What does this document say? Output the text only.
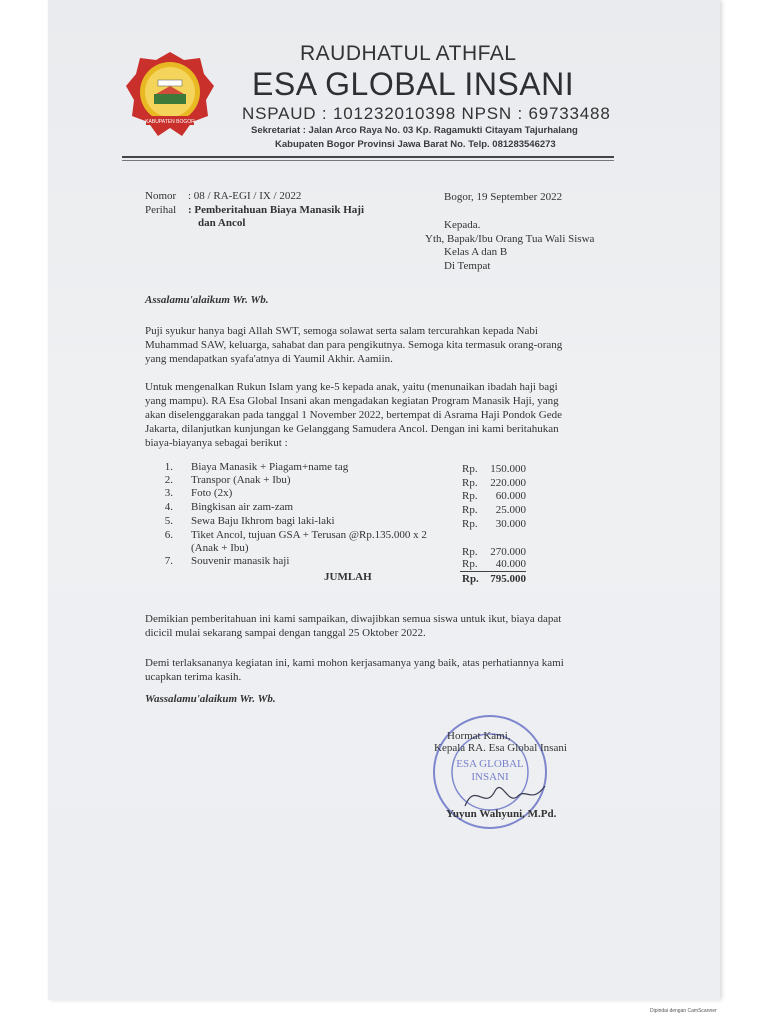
KABUPATEN BOGOR
RAUDHATUL ATHFAL
ESA GLOBAL INSANI
NSPAUD : 101232010398 NPSN : 69733488
Sekretariat : Jalan Arco Raya No. 03 Kp. Ragamukti Citayam Tajurhalang
Kabupaten Bogor Provinsi Jawa Barat No. Telp. 081283546273
Nomor : 08 / RA-EGI / IX / 2022
Perihal : Pemberitahuan Biaya Manasik Haji
dan Ancol
Bogor, 19 September 2022
Kepada.
Yth, Bapak/Ibu Orang Tua Wali Siswa
Kelas A dan B
Di Tempat
Assalamu'alaikum Wr. Wb.
Puji syukur hanya bagi Allah SWT, semoga solawat serta salam tercurahkan kepada Nabi
Muhammad SAW, keluarga, sahabat dan para pengikutnya. Semoga kita termasuk orang-orang
yang mendapatkan syafa'atnya di Yaumil Akhir. Aamiin.
Untuk mengenalkan Rukun Islam yang ke-5 kepada anak, yaitu (menunaikan ibadah haji bagi
yang mampu). RA Esa Global Insani akan mengadakan kegiatan Program Manasik Haji, yang
akan diselenggarakan pada tanggal 1 November 2022, bertempat di Asrama Haji Pondok Gede
Jakarta, dilanjutkan kunjungan ke Gelanggang Samudera Ancol. Dengan ini kami beritahukan
biaya-biayanya sebagai berikut :
1. Biaya Manasik + Piagam+name tag	Rp.	150.000
2. Transpor (Anak + Ibu)	Rp.	220.000
3. Foto (2x)	Rp.	60.000
4. Bingkisan air zam-zam	Rp.	25.000
5. Sewa Baju Ikhrom bagi laki-laki	Rp.	30.000
6. Tiket Ancol, tujuan GSA + Terusan @Rp.135.000 x 2
(Anak + Ibu)	Rp.	270.000
7. Souvenir manasik haji	Rp.	40.000
JUMLAH	Rp.	795.000
Demikian pemberitahuan ini kami sampaikan, diwajibkan semua siswa untuk ikut, biaya dapat
dicicil mulai sekarang sampai dengan tanggal 25 Oktober 2022.
Demi terlaksananya kegiatan ini, kami mohon kerjasamanya yang baik, atas perhatiannya kami
ucapkan terima kasih.
Wassalamu'alaikum Wr. Wb.
ESA GLOBAL
INSANI
Hormat Kami,
Kepala RA. Esa Global Insani
Yuyun Wahyuni, M.Pd.
Dipindai dengan CamScanner
